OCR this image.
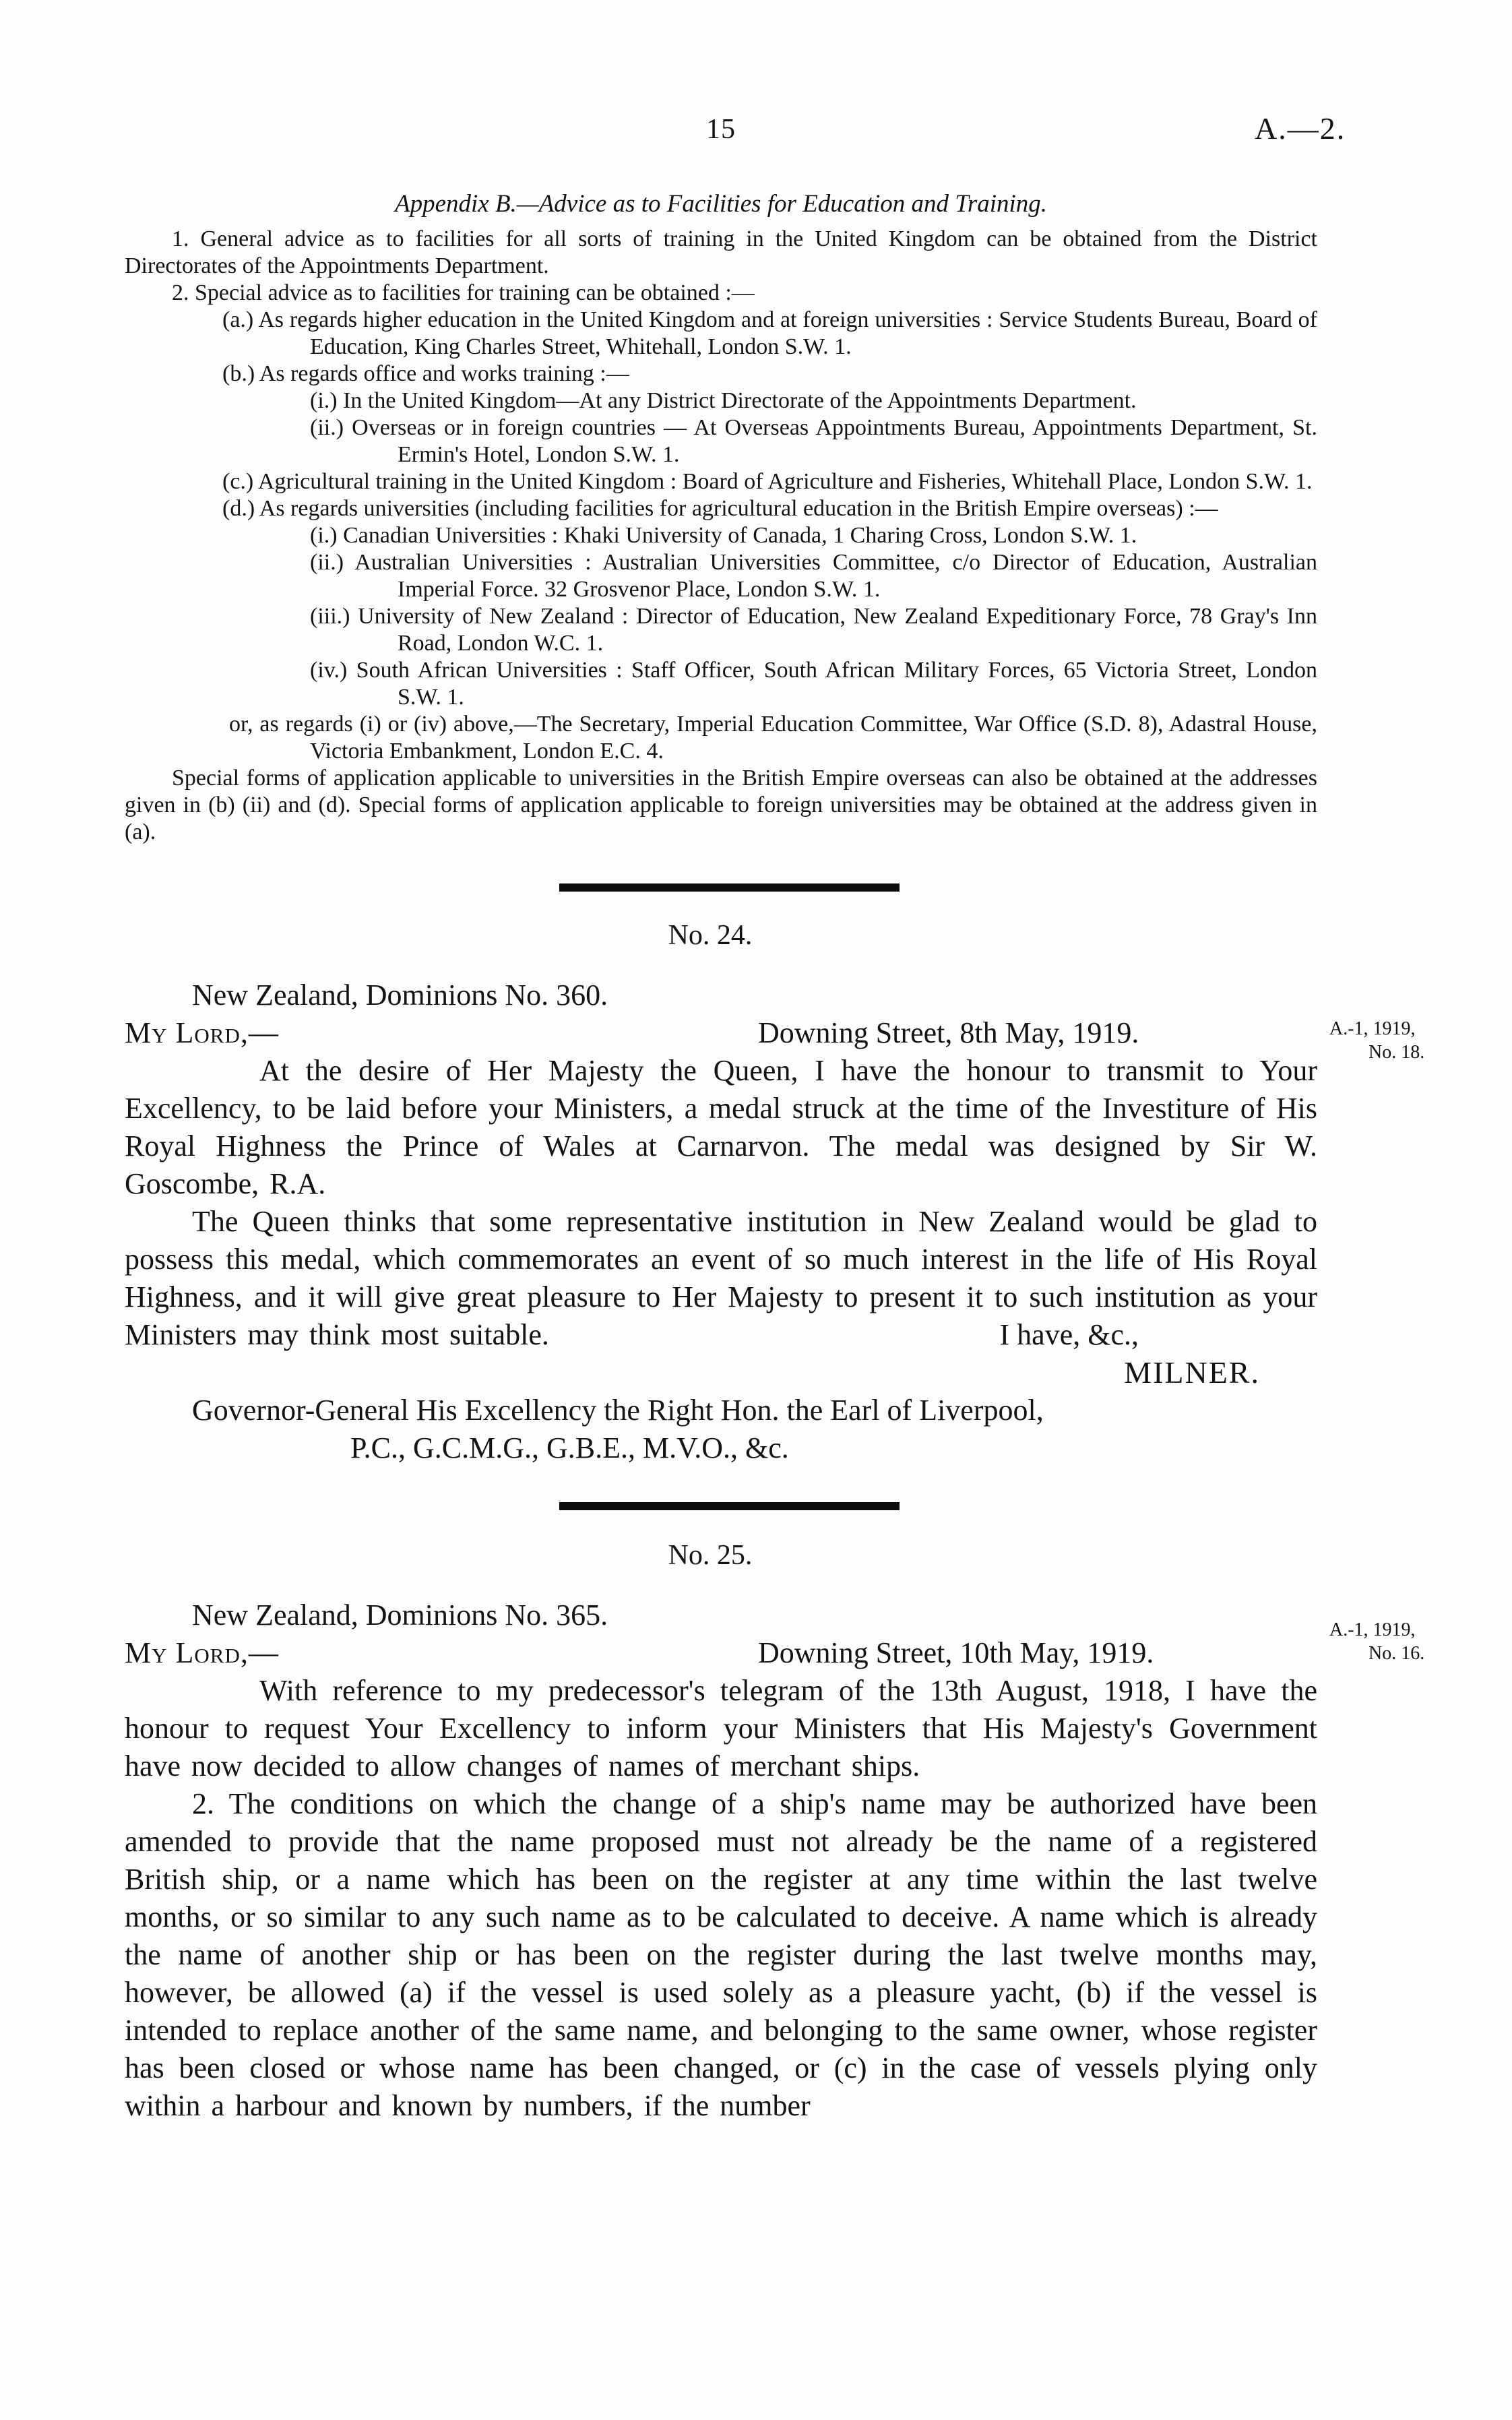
15	A.—2.
Appendix B.—Advice as to Facilities for Education and Training.
1. General advice as to facilities for all sorts of training in the United Kingdom can be obtained from the District Directorates of the Appointments Department.
2. Special advice as to facilities for training can be obtained :—
(a.) As regards higher education in the United Kingdom and at foreign universities : Service Students Bureau, Board of Education, King Charles Street, Whitehall, London S.W. 1.
(b.) As regards office and works training :—
(i.) In the United Kingdom—At any District Directorate of the Appointments Department.
(ii.) Overseas or in foreign countries — At Overseas Appointments Bureau, Appointments Department, St. Ermin's Hotel, London S.W. 1.
(c.) Agricultural training in the United Kingdom : Board of Agriculture and Fisheries, Whitehall Place, London S.W. 1.
(d.) As regards universities (including facilities for agricultural education in the British Empire overseas) :—
(i.) Canadian Universities : Khaki University of Canada, 1 Charing Cross, London S.W. 1.
(ii.) Australian Universities : Australian Universities Committee, c/o Director of Education, Australian Imperial Force. 32 Grosvenor Place, London S.W. 1.
(iii.) University of New Zealand : Director of Education, New Zealand Expeditionary Force, 78 Gray's Inn Road, London W.C. 1.
(iv.) South African Universities : Staff Officer, South African Military Forces, 65 Victoria Street, London S.W. 1.
or, as regards (i) or (iv) above,—The Secretary, Imperial Education Committee, War Office (S.D. 8), Adastral House, Victoria Embankment, London E.C. 4.
Special forms of application applicable to universities in the British Empire overseas can also be obtained at the addresses given in (b) (ii) and (d). Special forms of application applicable to foreign universities may be obtained at the address given in (a).
A.-1, 1919,
No. 18.
No. 24.
New Zealand, Dominions No. 360.
My Lord,—	Downing Street, 8th May, 1919.
At the desire of Her Majesty the Queen, I have the honour to transmit to Your Excellency, to be laid before your Ministers, a medal struck at the time of the Investiture of His Royal Highness the Prince of Wales at Carnarvon. The medal was designed by Sir W. Goscombe, R.A.
The Queen thinks that some representative institution in New Zealand would be glad to possess this medal, which commemorates an event of so much interest in the life of His Royal Highness, and it will give great pleasure to Her Majesty to present it to such institution as your Ministers may think most suitable.	I have, &c.,
MILNER.
Governor-General His Excellency the Right Hon. the Earl of Liverpool,
P.C., G.C.M.G., G.B.E., M.V.O., &c.
A.-1, 1919,
No. 16.
No. 25.
New Zealand, Dominions No. 365.
My Lord,—	Downing Street, 10th May, 1919.
With reference to my predecessor's telegram of the 13th August, 1918, I have the honour to request Your Excellency to inform your Ministers that His Majesty's Government have now decided to allow changes of names of merchant ships.
2. The conditions on which the change of a ship's name may be authorized have been amended to provide that the name proposed must not already be the name of a registered British ship, or a name which has been on the register at any time within the last twelve months, or so similar to any such name as to be calculated to deceive. A name which is already the name of another ship or has been on the register during the last twelve months may, however, be allowed (a) if the vessel is used solely as a pleasure yacht, (b) if the vessel is intended to replace another of the same name, and belonging to the same owner, whose register has been closed or whose name has been changed, or (c) in the case of vessels plying only within a harbour and known by numbers, if the number
